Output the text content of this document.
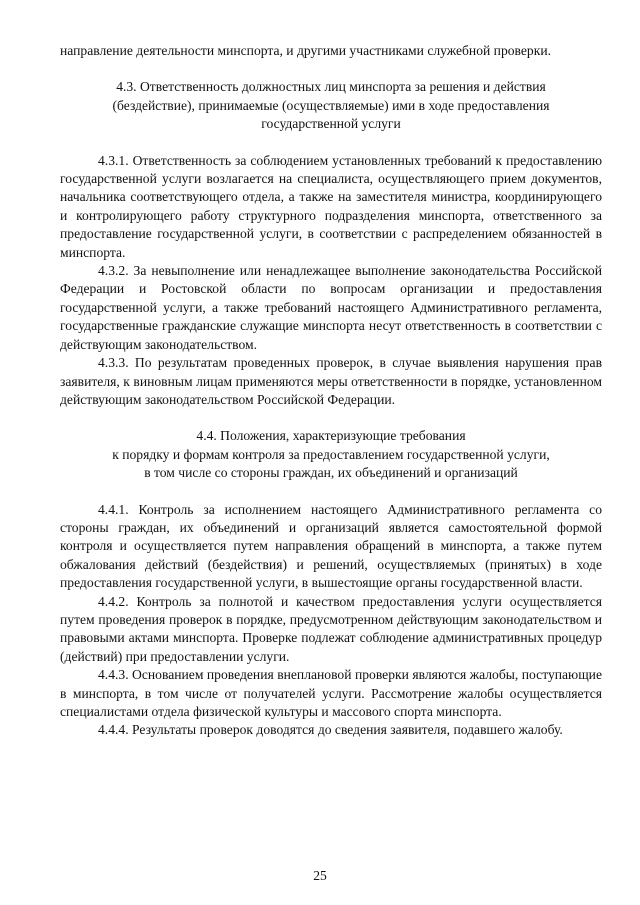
направление деятельности минспорта, и другими участниками служебной проверки.

4.3. Ответственность должностных лиц минспорта за решения и действия

(бездействие), принимаемые (осуществляемые) ими в ходе предоставления

государственной услуги

4.3.1. Ответственность за соблюдением установленных требований к предоставлению государственной услуги возлагается на специалиста, осуществляющего прием документов, начальника соответствующего отдела, а также на заместителя министра, координирующего и контролирующего работу структурного подразделения минспорта, ответственного за предоставление государственной услуги, в соответствии с распределением обязанностей в минспорта.

4.3.2. За невыполнение или ненадлежащее выполнение законодательства Российской Федерации и Ростовской области по вопросам организации и предоставления государственной услуги, а также требований настоящего Административного регламента, государственные гражданские служащие минспорта несут ответственность в соответствии с действующим законодательством.

4.3.3. По результатам проведенных проверок, в случае выявления нарушения прав заявителя, к виновным лицам применяются меры ответственности в порядке, установленном действующим законодательством Российской Федерации.

4.4. Положения, характеризующие требования

к порядку и формам контроля за предоставлением государственной услуги,

в том числе со стороны граждан, их объединений и организаций

4.4.1. Контроль за исполнением настоящего Административного регламента со стороны граждан, их объединений и организаций является самостоятельной формой контроля и осуществляется путем направления обращений в минспорта, а также путем обжалования действий (бездействия) и решений, осуществляемых (принятых) в ходе предоставления государственной услуги, в вышестоящие органы государственной власти.

4.4.2. Контроль за полнотой и качеством предоставления услуги осуществляется путем проведения проверок в порядке, предусмотренном действующим законодательством и правовыми актами минспорта. Проверке подлежат соблюдение административных процедур (действий) при предоставлении услуги.

4.4.3. Основанием проведения внеплановой проверки являются жалобы, поступающие в минспорта, в том числе от получателей услуги. Рассмотрение жалобы осуществляется специалистами отдела физической культуры и массового спорта минспорта.

4.4.4. Результаты проверок доводятся до сведения заявителя, подавшего жалобу.

25
